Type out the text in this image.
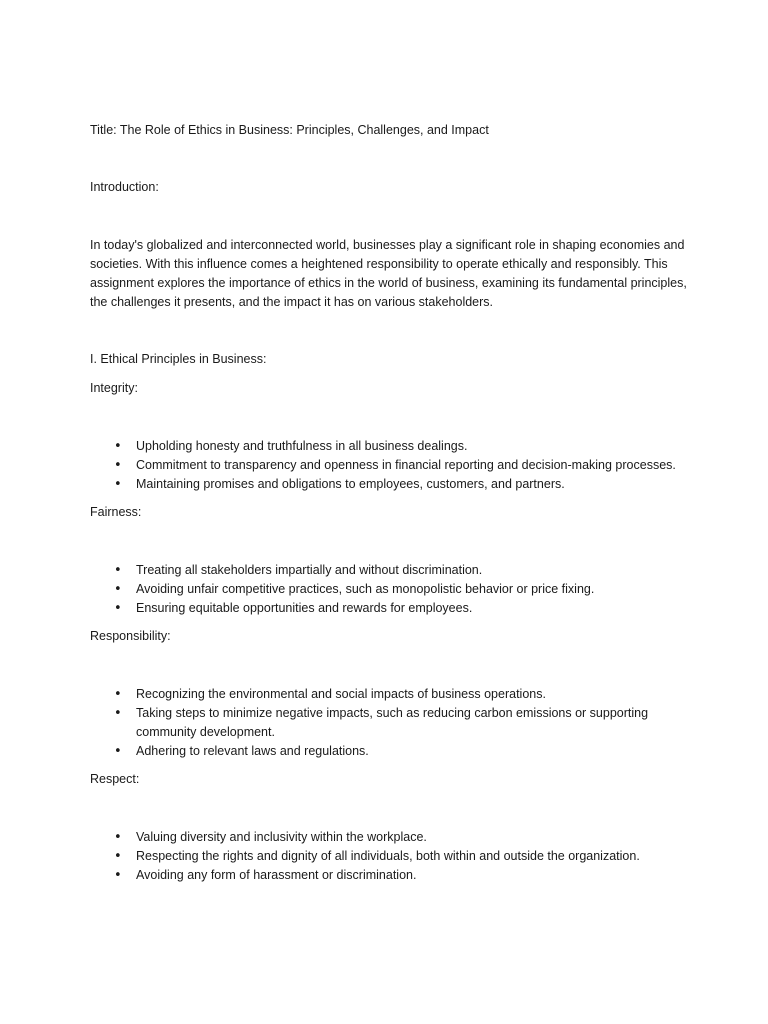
Title: The Role of Ethics in Business: Principles, Challenges, and Impact

Introduction:

In today's globalized and interconnected world, businesses play a significant role in shaping economies and societies. With this influence comes a heightened responsibility to operate ethically and responsibly. This assignment explores the importance of ethics in the world of business, examining its fundamental principles, the challenges it presents, and the impact it has on various stakeholders.

I. Ethical Principles in Business:

Integrity:

• Upholding honesty and truthfulness in all business dealings.
• Commitment to transparency and openness in financial reporting and decision-making processes.
• Maintaining promises and obligations to employees, customers, and partners.

Fairness:

• Treating all stakeholders impartially and without discrimination.
• Avoiding unfair competitive practices, such as monopolistic behavior or price fixing.
• Ensuring equitable opportunities and rewards for employees.

Responsibility:

• Recognizing the environmental and social impacts of business operations.
• Taking steps to minimize negative impacts, such as reducing carbon emissions or supporting community development.
• Adhering to relevant laws and regulations.

Respect:

• Valuing diversity and inclusivity within the workplace.
• Respecting the rights and dignity of all individuals, both within and outside the organization.
• Avoiding any form of harassment or discrimination.
